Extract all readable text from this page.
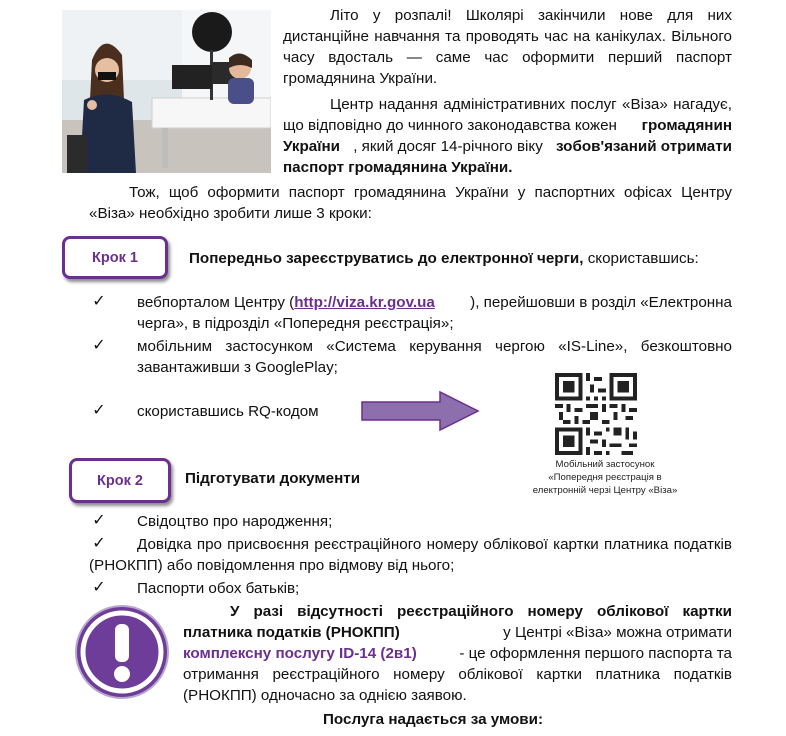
Літо у розпалі! Школярі закінчили нове для них
дистанційне навчання та проводять час на канікулах. Вільного
часу вдосталь — саме час оформити перший паспорт
громадянина України.
Центр надання адміністративних послуг «Віза» нагадує,
що відповідно до чинного законодавства кожен громадянин
України , який досяг 14-річного віку зобов'язаний отримати
паспорт громадянина України.
Тож, щоб оформити паспорт громадянина України у паспортних офісах Центру
«Віза» необхідно зробити лише 3 кроки:
Крок 1	Попередньо зареєструватись до електронної черги, скориставшись:
✓ вебпорталом Центру (http://viza.kr.gov.ua ), перейшовши в розділ «Електронна
черга», в підрозділ «Попередня реєстрація»;
✓ мобільним застосунком «Система керування чергою «IS-Line», безкоштовно
завантаживши з GooglePlay;
✓ скориставшись RQ-кодом
Мобільний застосунок
«Попередня реєстрація в
електронній черзі Центру «Віза»
Крок 2	Підготувати документи
✓ Свідоцтво про народження;
✓ Довідка про присвоєння реєстраційного номеру облікової картки платника податків
(РНОКПП) або повідомлення про відмову від нього;
✓ Паспорти обох батьків;
У разі відсутності реєстраційного номеру облікової картки
платника податків (РНОКПП)	у Центрі «Віза» можна отримати
комплексну послугу ID-14 (2в1)	- це оформлення першого паспорта та
отримання реєстраційного номеру облікової картки платника податків
(РНОКПП) одночасно за однією заявою.
Послуга надається за умови:
